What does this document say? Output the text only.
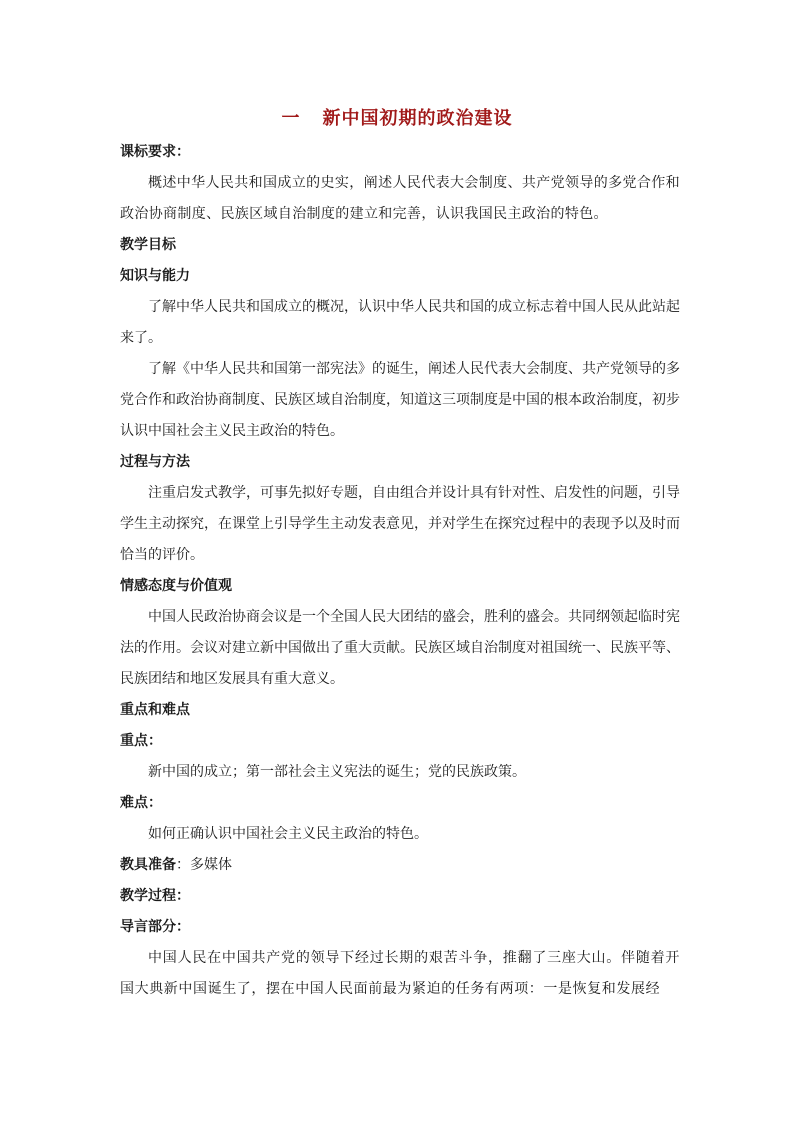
一 新中国初期的政治建设

课标要求：

概述中华人民共和国成立的史实，阐述人民代表大会制度、共产党领导的多党合作和政治协商制度、民族区域自治制度的建立和完善，认识我国民主政治的特色。

教学目标

知识与能力

了解中华人民共和国成立的概况，认识中华人民共和国的成立标志着中国人民从此站起来了。

了解《中华人民共和国第一部宪法》的诞生，阐述人民代表大会制度、共产党领导的多党合作和政治协商制度、民族区域自治制度，知道这三项制度是中国的根本政治制度，初步认识中国社会主义民主政治的特色。

过程与方法

注重启发式教学，可事先拟好专题，自由组合并设计具有针对性、启发性的问题，引导学生主动探究，在课堂上引导学生主动发表意见，并对学生在探究过程中的表现予以及时而恰当的评价。

情感态度与价值观

中国人民政治协商会议是一个全国人民大团结的盛会，胜利的盛会。共同纲领起临时宪法的作用。会议对建立新中国做出了重大贡献。民族区域自治制度对祖国统一、民族平等、民族团结和地区发展具有重大意义。

重点和难点

重点：

新中国的成立；第一部社会主义宪法的诞生；党的民族政策。

难点：

如何正确认识中国社会主义民主政治的特色。

教具准备：多媒体

教学过程：

导言部分：

中国人民在中国共产党的领导下经过长期的艰苦斗争，推翻了三座大山。伴随着开国大典新中国诞生了，摆在中国人民面前最为紧迫的任务有两项：一是恢复和发展经
